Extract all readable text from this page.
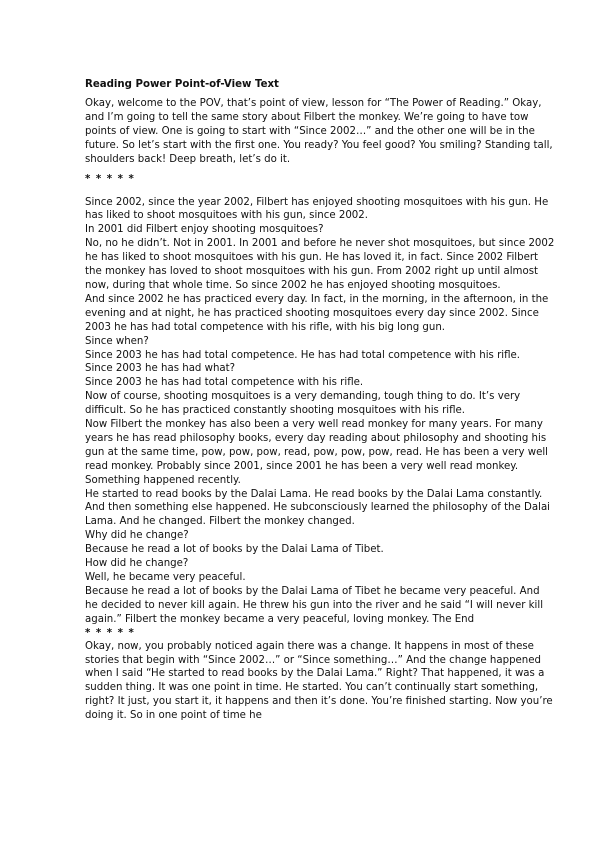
Reading Power Point-of-View Text
Okay, welcome to the POV, that’s point of view, lesson for “The Power of Reading.” Okay, and I’m going to tell the same story about Filbert the monkey. We’re going to have tow points of view. One is going to start with “Since 2002…” and the other one will be in the future. So let’s start with the first one. You ready? You feel good? You smiling? Standing tall, shoulders back! Deep breath, let’s do it.
* * * * *
Since 2002, since the year 2002, Filbert has enjoyed shooting mosquitoes with his gun. He has liked to shoot mosquitoes with his gun, since 2002.
In 2001 did Filbert enjoy shooting mosquitoes?
No, no he didn’t. Not in 2001. In 2001 and before he never shot mosquitoes, but since 2002 he has liked to shoot mosquitoes with his gun. He has loved it, in fact. Since 2002 Filbert the monkey has loved to shoot mosquitoes with his gun. From 2002 right up until almost now, during that whole time. So since 2002 he has enjoyed shooting mosquitoes.
And since 2002 he has practiced every day. In fact, in the morning, in the afternoon, in the evening and at night, he has practiced shooting mosquitoes every day since 2002. Since 2003 he has had total competence with his rifle, with his big long gun.
Since when?
Since 2003 he has had total competence. He has had total competence with his rifle.
Since 2003 he has had what?
Since 2003 he has had total competence with his rifle.
Now of course, shooting mosquitoes is a very demanding, tough thing to do. It’s very difficult. So he has practiced constantly shooting mosquitoes with his rifle.
Now Filbert the monkey has also been a very well read monkey for many years. For many years he has read philosophy books, every day reading about philosophy and shooting his gun at the same time, pow, pow, pow, read, pow, pow, pow, read. He has been a very well read monkey. Probably since 2001, since 2001 he has been a very well read monkey. Something happened recently.
He started to read books by the Dalai Lama. He read books by the Dalai Lama constantly. And then something else happened. He subconsciously learned the philosophy of the Dalai Lama. And he changed. Filbert the monkey changed.
Why did he change?
Because he read a lot of books by the Dalai Lama of Tibet.
How did he change?
Well, he became very peaceful.
Because he read a lot of books by the Dalai Lama of Tibet he became very peaceful. And he decided to never kill again. He threw his gun into the river and he said “I will never kill again.” Filbert the monkey became a very peaceful, loving monkey. The End
* * * * *
Okay, now, you probably noticed again there was a change. It happens in most of these stories that begin with “Since 2002…” or “Since something…” And the change happened when I said “He started to read books by the Dalai Lama.” Right? That happened, it was a sudden thing. It was one point in time. He started. You can’t continually start something, right? It just, you start it, it happens and then it’s done. You’re finished starting. Now you’re doing it. So in one point of time he
